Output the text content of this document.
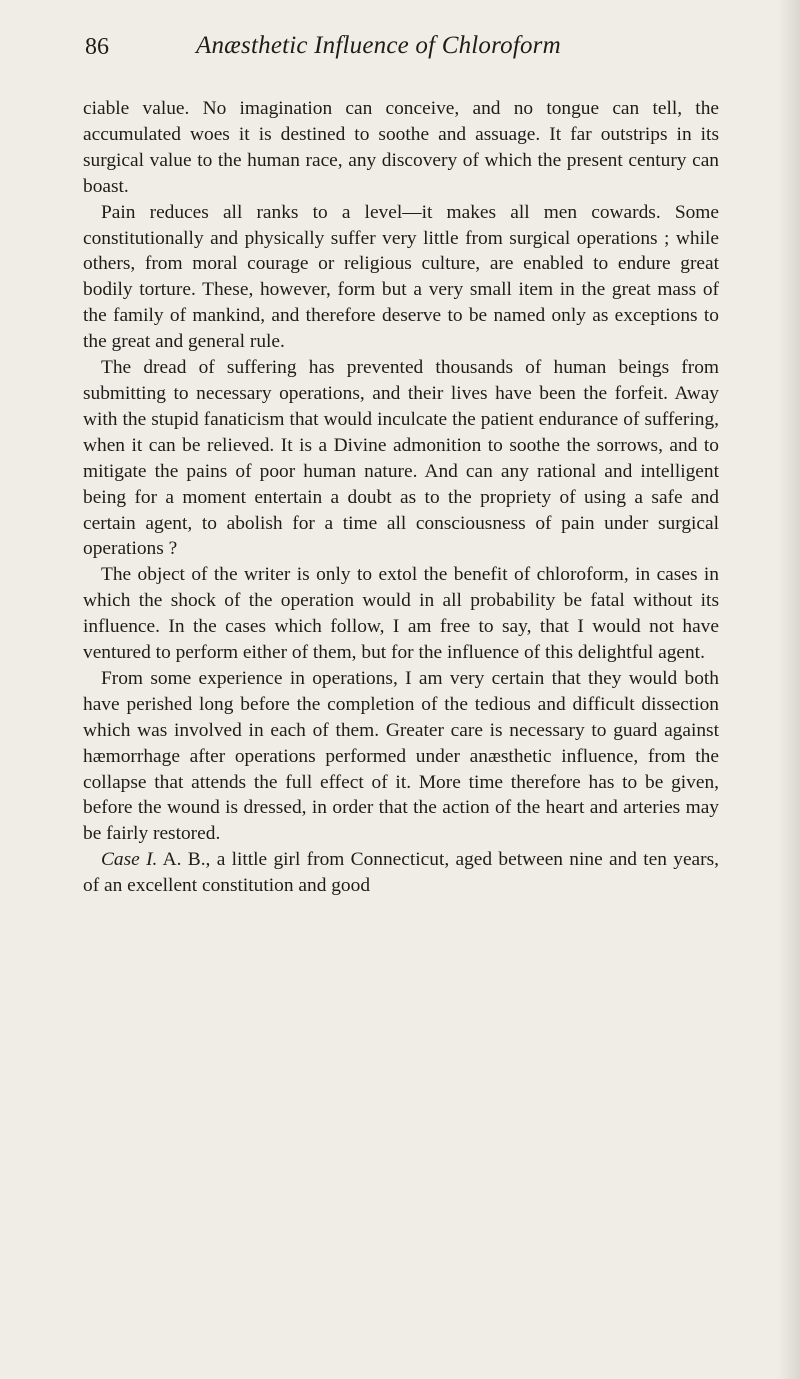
86	Anæsthetic Influence of Chloroform

ciable value. No imagination can conceive, and no tongue can tell, the accumulated woes it is destined to soothe and assuage. It far outstrips in its surgical value to the human race, any discovery of which the present century can boast.

Pain reduces all ranks to a level—it makes all men cowards. Some constitutionally and physically suffer very little from surgical operations ; while others, from moral courage or religious culture, are enabled to endure great bodily torture. These, however, form but a very small item in the great mass of the family of mankind, and therefore deserve to be named only as exceptions to the great and general rule.

The dread of suffering has prevented thousands of human beings from submitting to necessary operations, and their lives have been the forfeit. Away with the stupid fanaticism that would inculcate the patient endurance of suffering, when it can be relieved. It is a Divine admonition to soothe the sorrows, and to mitigate the pains of poor human nature. And can any rational and intelligent being for a moment entertain a doubt as to the propriety of using a safe and certain agent, to abolish for a time all consciousness of pain under surgical operations ?

The object of the writer is only to extol the benefit of chloroform, in cases in which the shock of the operation would in all probability be fatal without its influence. In the cases which follow, I am free to say, that I would not have ventured to perform either of them, but for the influence of this delightful agent.

From some experience in operations, I am very certain that they would both have perished long before the completion of the tedious and difficult dissection which was involved in each of them. Greater care is necessary to guard against hæmorrhage after operations performed under anæsthetic influence, from the collapse that attends the full effect of it. More time therefore has to be given, before the wound is dressed, in order that the action of the heart and arteries may be fairly restored.

Case I. A. B., a little girl from Connecticut, aged between nine and ten years, of an excellent constitution and good
